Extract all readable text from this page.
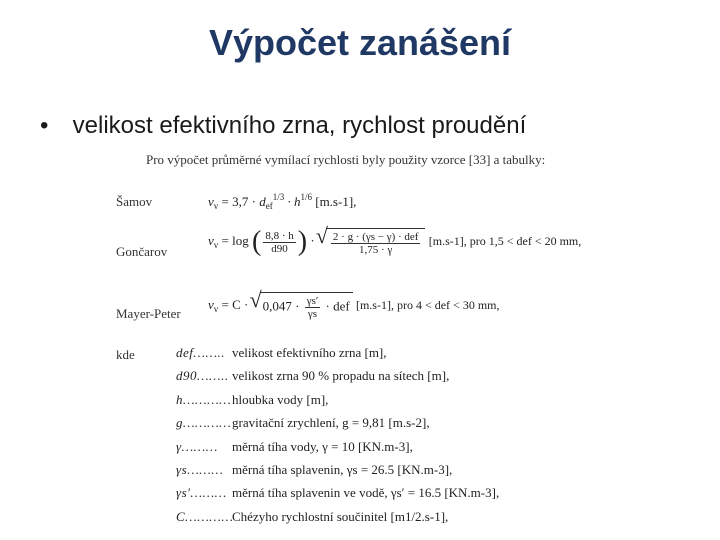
Výpočet zanášení
• velikost efektivního zrna, rychlost proudění
Pro výpočet průměrné vymílací rychlosti byly použity vzorce [33] a tabulky:
Šamov	$v_v = 3,7 \cdot d_{ef}^{1/3} \cdot h^{1/6}$ [m.s-1],
Gončarov
$v_v = \log$ ( $\frac{8,8 \cdot h}{d90}$ ) · √ $\frac{\text{2 · g · (γs − γ) · def}}{1,75 \cdot \gamma} [m.s-1]$, pro 1,5 < def < 20 mm,
Mayer-Peter
$v_v = C$ · √ $0,047 \cdot \frac{\gamma s'}{\gamma s}$ · def [m.s-1], pro 4 < def < 30 mm,
kde	def…….. velikost efektivního zrna [m],
d90…….. velikost zrna 90 % propadu na sítech [m],
h…………hloubka vody [m],
g…………gravitační zrychlení, g = 9,81 [m.s-2],
γ……… měrná tíha vody, γ = 10 [KN.m-3],
γs……… měrná tíha splavenin, γs = 26.5 [KN.m-3],
γs′……… měrná tíha splavenin ve vodě, γs′ = 16.5 [KN.m-3],
C…………Chézyho rychlostní součinitel [m1/2.s-1],
